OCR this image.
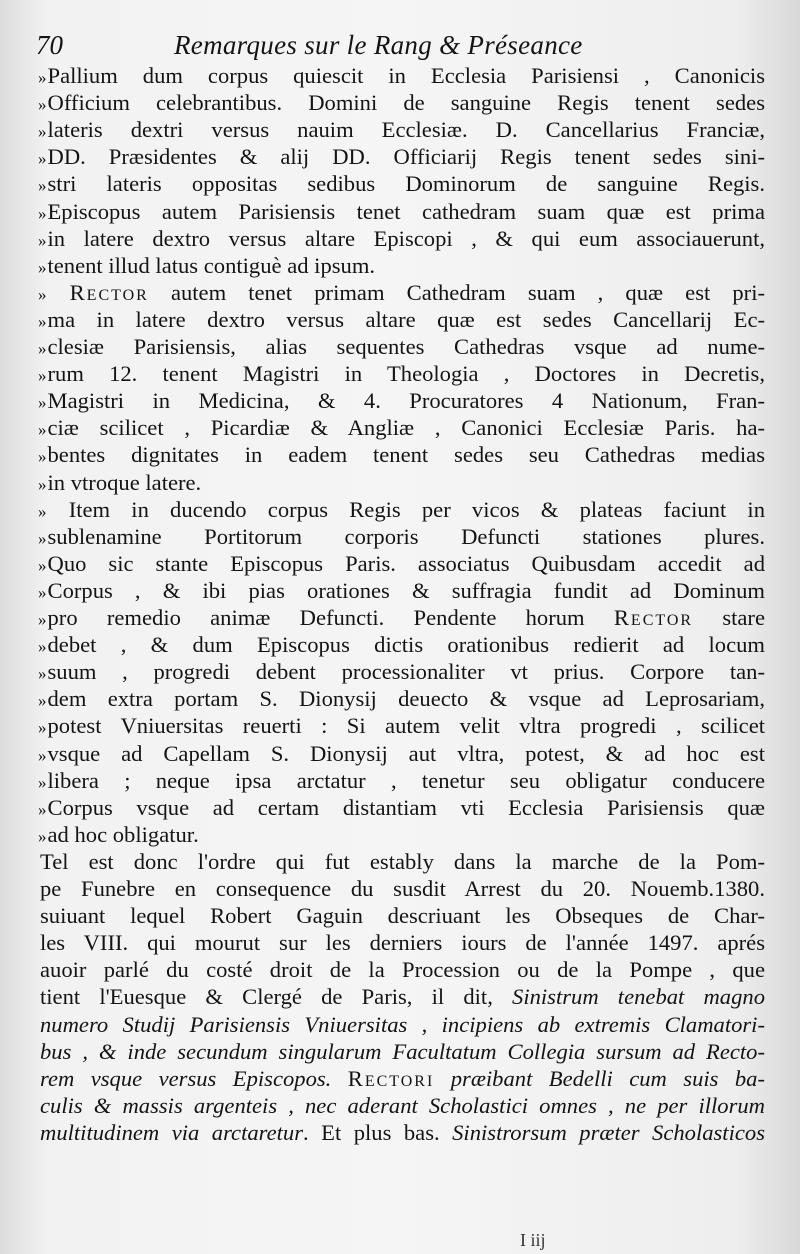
70	Remarques sur le Rang & Préseance
»Pallium dum corpus quiescit in Ecclesia Parisiensi , Canonicis
»Officium celebrantibus. Domini de sanguine Regis tenent sedes
»lateris dextri versus nauim Ecclesiæ. D. Cancellarius Franciæ,
»DD. Præsidentes & alij DD. Officiarij Regis tenent sedes sini-
»stri lateris oppositas sedibus Dominorum de sanguine Regis.
»Episcopus autem Parisiensis tenet cathedram suam quæ est prima
»in latere dextro versus altare Episcopi , & qui eum associauerunt,
»tenent illud latus contiguè ad ipsum.
» Rector autem tenet primam Cathedram suam , quæ est pri-
»ma in latere dextro versus altare quæ est sedes Cancellarij Ec-
»clesiæ Parisiensis, alias sequentes Cathedras vsque ad nume-
»rum 12. tenent Magistri in Theologia , Doctores in Decretis,
»Magistri in Medicina, & 4. Procuratores 4 Nationum, Fran-
»ciæ scilicet , Picardiæ & Angliæ , Canonici Ecclesiæ Paris. ha-
»bentes dignitates in eadem tenent sedes seu Cathedras medias
»in vtroque latere.
» Item in ducendo corpus Regis per vicos & plateas faciunt in
»sublenamine Portitorum corporis Defuncti stationes plures.
»Quo sic stante Episcopus Paris. associatus Quibusdam accedit ad
»Corpus , & ibi pias orationes & suffragia fundit ad Dominum
»pro remedio animæ Defuncti. Pendente horum Rector stare
»debet , & dum Episcopus dictis orationibus redierit ad locum
»suum , progredi debent processionaliter vt prius. Corpore tan-
»dem extra portam S. Dionysij deuecto & vsque ad Leprosariam,
»potest Vniuersitas reuerti : Si autem velit vltra progredi , scilicet
»vsque ad Capellam S. Dionysij aut vltra, potest, & ad hoc est
»libera ; neque ipsa arctatur , tenetur seu obligatur conducere
»Corpus vsque ad certam distantiam vti Ecclesia Parisiensis quæ
»ad hoc obligatur.
Tel est donc l'ordre qui fut estably dans la marche de la Pom-
pe Funebre en consequence du susdit Arrest du 20. Nouemb.1380.
suiuant lequel Robert Gaguin descriuant les Obseques de Char-
les VIII. qui mourut sur les derniers iours de l'année 1497. aprés
auoir parlé du costé droit de la Procession ou de la Pompe , que
tient l'Euesque & Clergé de Paris, il dit, Sinistrum tenebat magno
numero Studij Parisiensis Vniuersitas , incipiens ab extremis Clamatori-
bus , & inde secundum singularum Facultatum Collegia sursum ad Recto-
rem vsque versus Episcopos. Rectori præibant Bedelli cum suis ba-
culis & massis argenteis , nec aderant Scholastici omnes , ne per illorum
multitudinem via arctaretur. Et plus bas. Sinistrorsum præter Scholasticos
I iij
